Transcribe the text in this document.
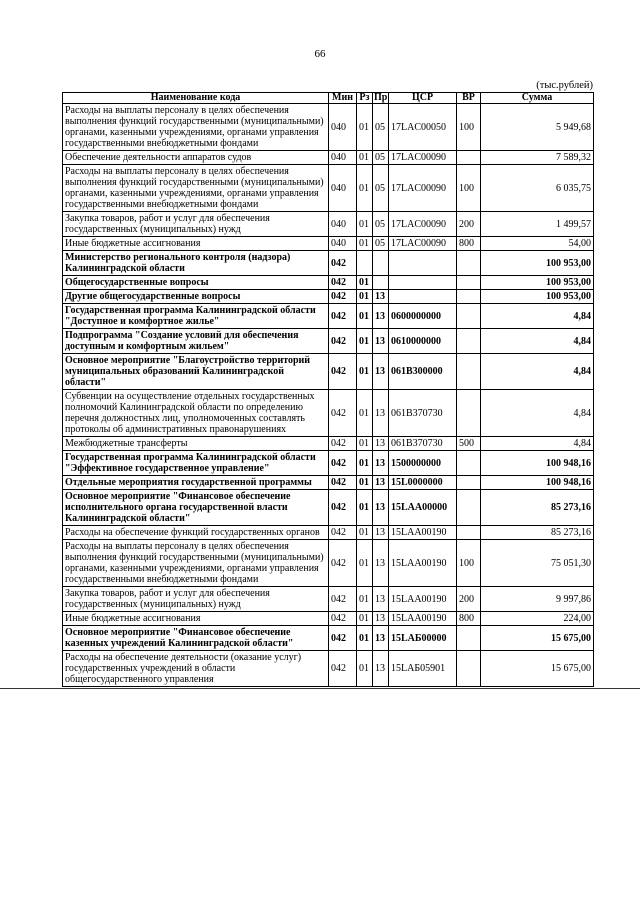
66
(тыс.рублей)
Наименование кода	Мин	Рз	Пр	ЦСР	ВР	Сумма
Расходы на выплаты персоналу в целях обеспечения выполнения функций государственными (муниципальными) органами, казенными учреждениями, органами управления государственными внебюджетными фондами	040	01	05	17LAC00050	100	5 949,68
Обеспечение деятельности аппаратов судов	040	01	05	17LAC00090		7 589,32
Расходы на выплаты персоналу в целях обеспечения выполнения функций государственными (муниципальными) органами, казенными учреждениями, органами управления государственными внебюджетными фондами	040	01	05	17LAC00090	100	6 035,75
Закупка товаров, работ и услуг для обеспечения государственных (муниципальных) нужд	040	01	05	17LAC00090	200	1 499,57
Иные бюджетные ассигнования	040	01	05	17LAC00090	800	54,00
Министерство регионального контроля (надзора) Калининградской области	042					100 953,00
Общегосударственные вопросы	042	01				100 953,00
Другие общегосударственные вопросы	042	01	13			100 953,00
Государственная программа Калининградской области "Доступное и комфортное жилье"	042	01	13	0600000000		4,84
Подпрограмма "Создание условий для обеспечения доступным и комфортным жильем"	042	01	13	0610000000		4,84
Основное мероприятие "Благоустройство территорий муниципальных образований Калининградской области"	042	01	13	061B300000		4,84
Субвенции на осуществление отдельных государственных полномочий Калининградской области по определению перечня должностных лиц, уполномоченных составлять протоколы об административных правонарушениях	042	01	13	061B370730		4,84
Межбюджетные трансферты	042	01	13	061B370730	500	4,84
Государственная программа Калининградской области "Эффективное государственное управление"	042	01	13	1500000000		100 948,16
Отдельные мероприятия государственной программы	042	01	13	15L0000000		100 948,16
Основное мероприятие "Финансовое обеспечение исполнительного органа государственной власти Калининградской области"	042	01	13	15LAA00000		85 273,16
Расходы на обеспечение функций государственных органов	042	01	13	15LAA00190		85 273,16
Расходы на выплаты персоналу в целях обеспечения выполнения функций государственными (муниципальными) органами, казенными учреждениями, органами управления государственными внебюджетными фондами	042	01	13	15LAA00190	100	75 051,30
Закупка товаров, работ и услуг для обеспечения государственных (муниципальных) нужд	042	01	13	15LAA00190	200	9 997,86
Иные бюджетные ассигнования	042	01	13	15LAA00190	800	224,00
Основное мероприятие "Финансовое обеспечение казенных учреждений Калининградской области"	042	01	13	15LAБ00000		15 675,00
Расходы на обеспечение деятельности (оказание услуг) государственных учреждений в области общегосударственного управления	042	01	13	15LAБ05901		15 675,00
